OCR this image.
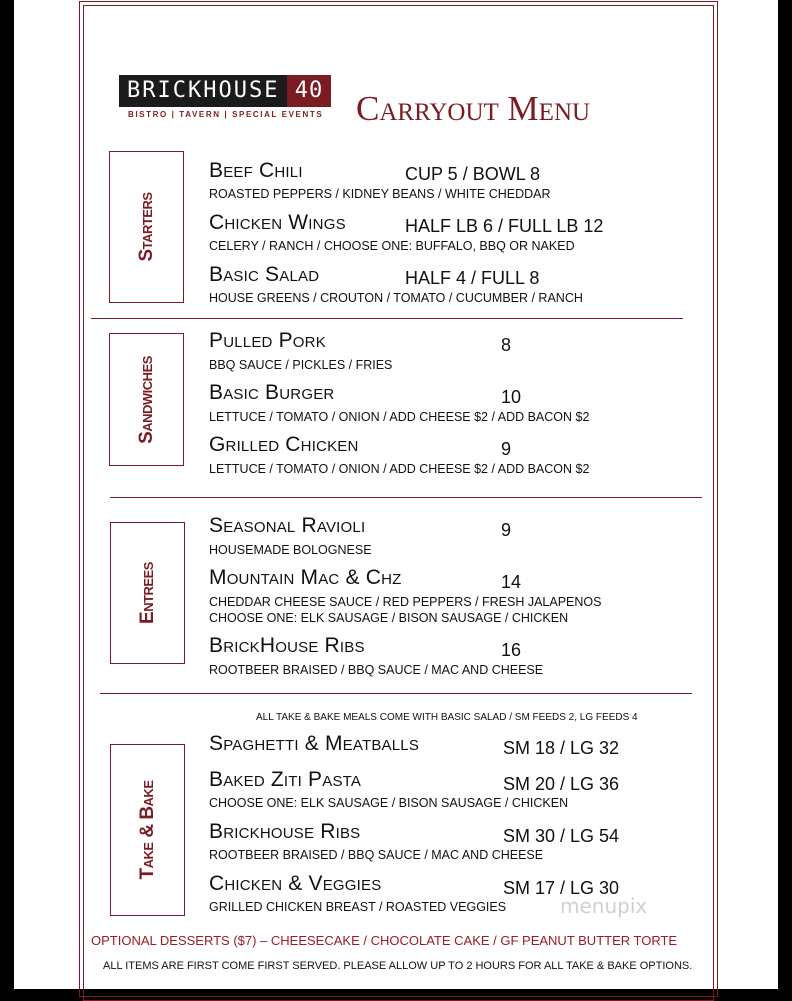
BRICKHOUSE 40
BISTRO | TAVERN | SPECIAL EVENTS Carryout Menu
Starters
Sandwiches
Entrees
Take & Bake
Beef Chili	CUP 5 / BOWL 8
ROASTED PEPPERS / KIDNEY BEANS / WHITE CHEDDAR
Chicken Wings	HALF LB 6 / FULL LB 12
CELERY / RANCH / CHOOSE ONE: BUFFALO, BBQ OR NAKED
Basic Salad	HALF 4 / FULL 8
HOUSE GREENS / CROUTON / TOMATO / CUCUMBER / RANCH
Pulled Pork	8
BBQ SAUCE / PICKLES / FRIES
Basic Burger	10
LETTUCE / TOMATO / ONION / ADD CHEESE $2 / ADD BACON $2
Grilled Chicken	9
LETTUCE / TOMATO / ONION / ADD CHEESE $2 / ADD BACON $2
Seasonal Ravioli	9
HOUSEMADE BOLOGNESE
Mountain Mac & Chz	14
CHEDDAR CHEESE SAUCE / RED PEPPERS / FRESH JALAPENOS
CHOOSE ONE: ELK SAUSAGE / BISON SAUSAGE / CHICKEN
BrickHouse Ribs	16
ROOTBEER BRAISED / BBQ SAUCE / MAC AND CHEESE
ALL TAKE & BAKE MEALS COME WITH BASIC SALAD / SM FEEDS 2, LG FEEDS 4
Spaghetti & Meatballs	SM 18 / LG 32
Baked Ziti Pasta	SM 20 / LG 36
CHOOSE ONE: ELK SAUSAGE / BISON SAUSAGE / CHICKEN
Brickhouse Ribs	SM 30 / LG 54
ROOTBEER BRAISED / BBQ SAUCE / MAC AND CHEESE
Chicken & Veggies	SM 17 / LG 30
GRILLED CHICKEN BREAST / ROASTED VEGGIES	menupix
OPTIONAL DESSERTS ($7) – CHEESECAKE / CHOCOLATE CAKE / GF PEANUT BUTTER TORTE
ALL ITEMS ARE FIRST COME FIRST SERVED. PLEASE ALLOW UP TO 2 HOURS FOR ALL TAKE & BAKE OPTIONS.
